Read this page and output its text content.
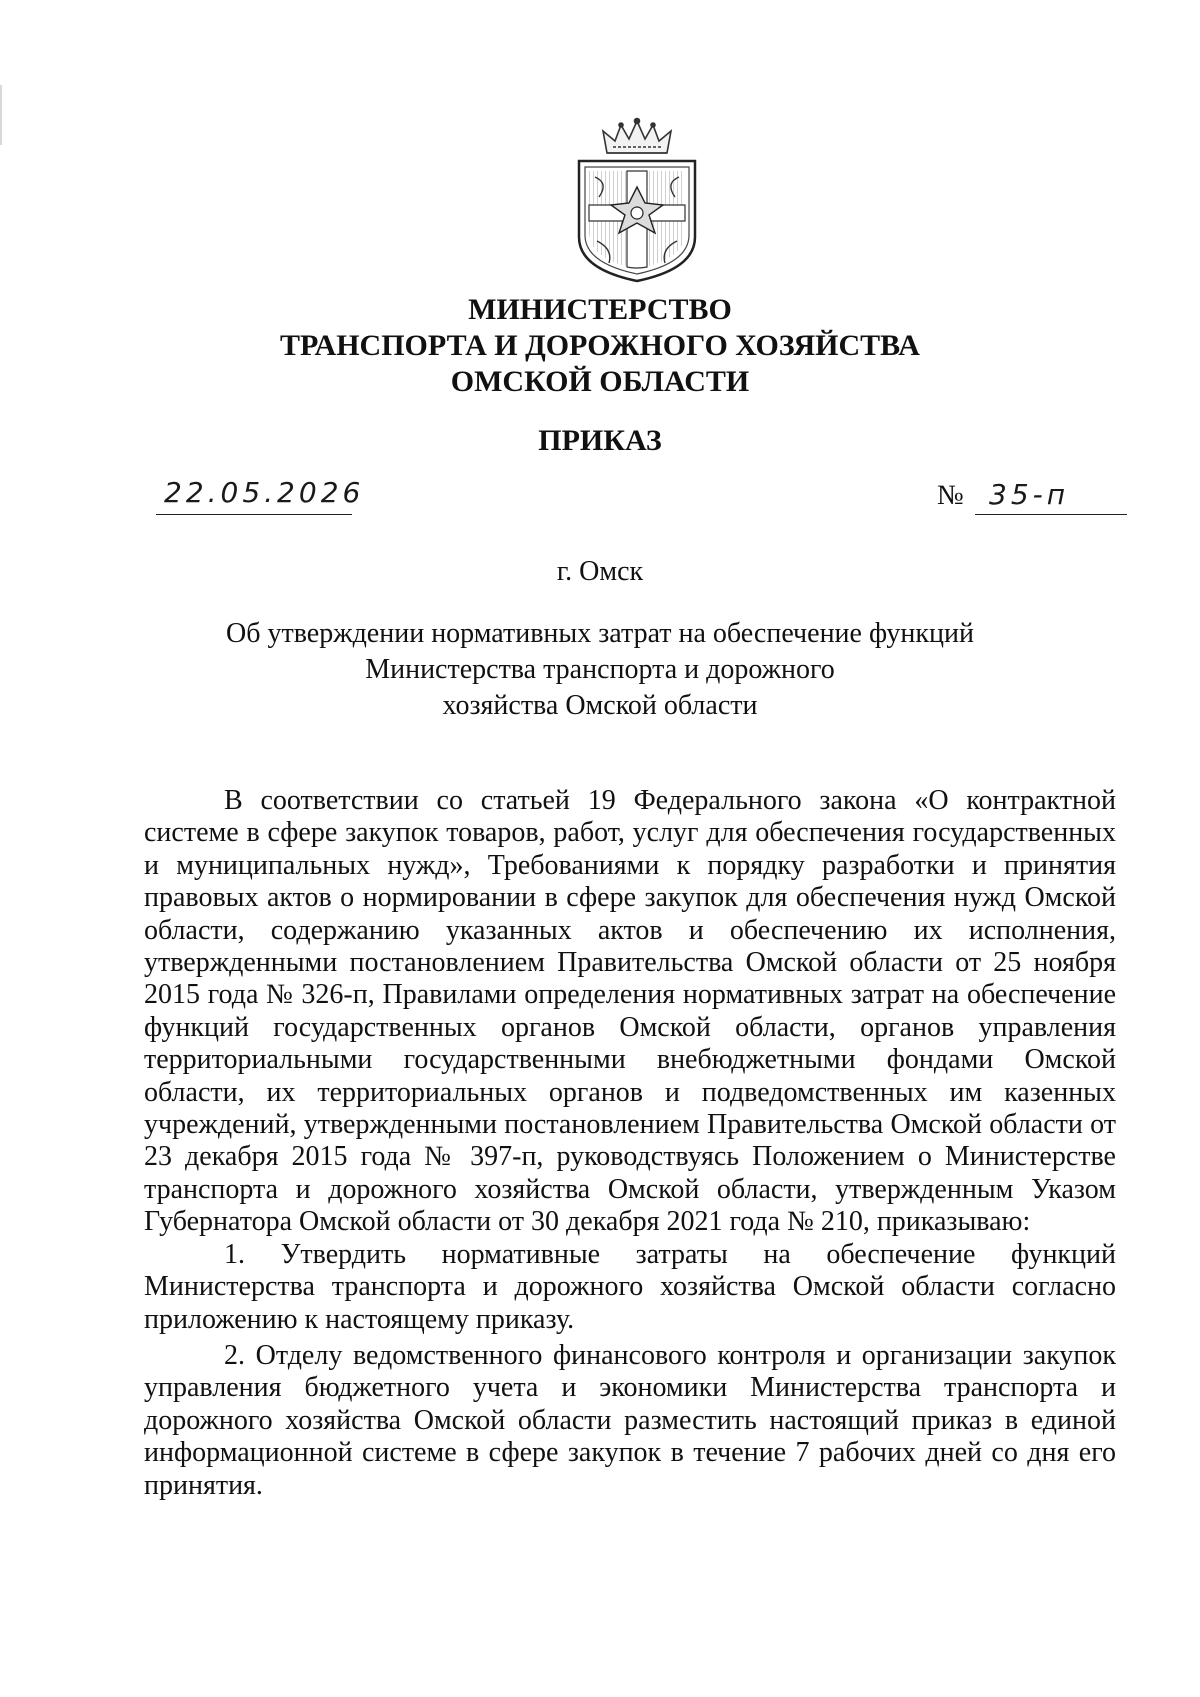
МИНИСТЕРСТВО
ТРАНСПОРТА И ДОРОЖНОГО ХОЗЯЙСТВА
ОМСКОЙ ОБЛАСТИ
ПРИКАЗ
22.05.2026	№ 35-п
г. Омск
Об утверждении нормативных затрат на обеспечение функций
Министерства транспорта и дорожного
хозяйства Омской области

В соответствии со статьей 19 Федерального закона «О контрактной системе в сфере закупок товаров, работ, услуг для обеспечения государственных и муниципальных нужд», Требованиями к порядку разработки и принятия правовых актов о нормировании в сфере закупок для обеспечения нужд Омской области, содержанию указанных актов и обеспечению их исполнения, утвержденными постановлением Правительства Омской области от 25 ноября 2015 года № 326-п, Правилами определения нормативных затрат на обеспечение функций государственных органов Омской области, органов управления территориальными государственными внебюджетными фондами Омской области, их территориальных органов и подведомственных им казенных учреждений, утвержденными постановлением Правительства Омской области от 23 декабря 2015 года № 397-п, руководствуясь Положением о Министерстве транспорта и дорожного хозяйства Омской области, утвержденным Указом Губернатора Омской области от 30 декабря 2021 года № 210, приказываю:

1. Утвердить нормативные затраты на обеспечение функций Министерства транспорта и дорожного хозяйства Омской области согласно приложению к настоящему приказу.

2. Отделу ведомственного финансового контроля и организации закупок управления бюджетного учета и экономики Министерства транспорта и дорожного хозяйства Омской области разместить настоящий приказ в единой информационной системе в сфере закупок в течение 7 рабочих дней со дня его принятия.
